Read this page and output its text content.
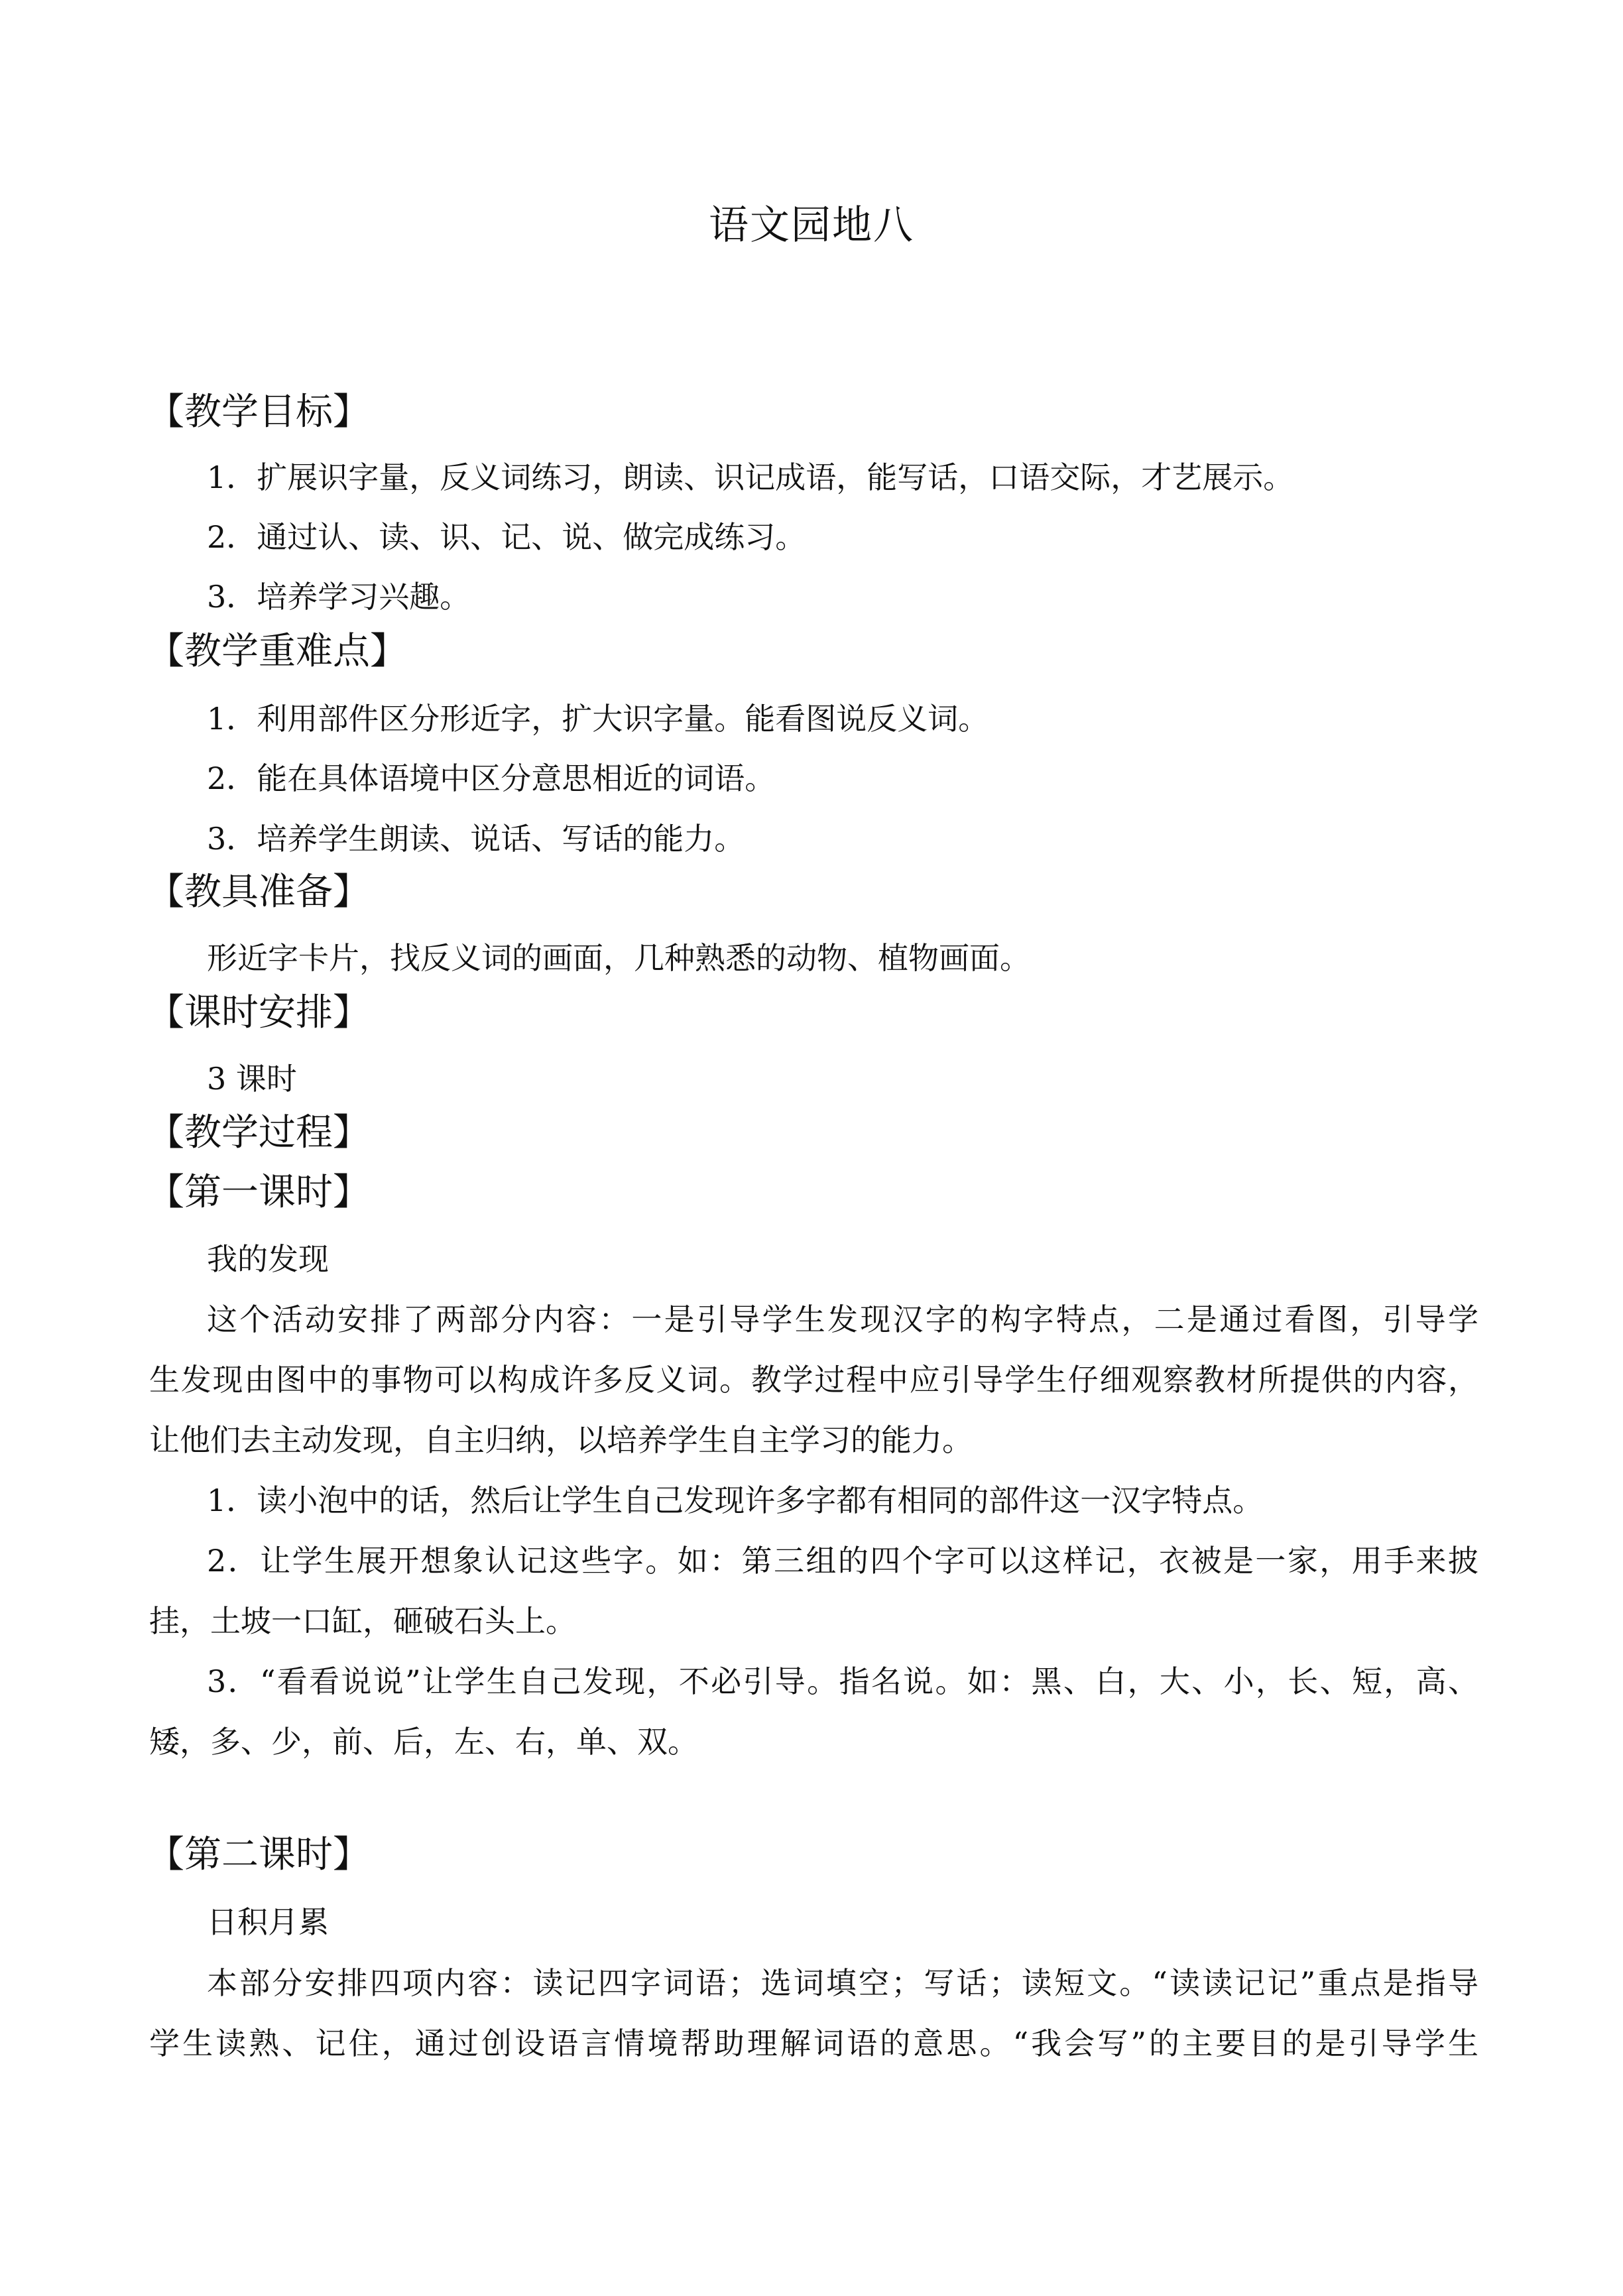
语文园地八
【教学目标】
1．扩展识字量，反义词练习，朗读、识记成语，能写话，口语交际，才艺展示。
2．通过认、读、识、记、说、做完成练习。
3．培养学习兴趣。
【教学重难点】
1．利用部件区分形近字，扩大识字量。能看图说反义词。
2．能在具体语境中区分意思相近的词语。
3．培养学生朗读、说话、写话的能力。
【教具准备】
形近字卡片，找反义词的画面，几种熟悉的动物、植物画面。
【课时安排】
3 课时
【教学过程】
【第一课时】
我的发现
这个活动安排了两部分内容：一是引导学生发现汉字的构字特点，二是通过看图，引导学
生发现由图中的事物可以构成许多反义词。教学过程中应引导学生仔细观察教材所提供的内容，
让他们去主动发现，自主归纳，以培养学生自主学习的能力。
1．读小泡中的话，然后让学生自己发现许多字都有相同的部件这一汉字特点。
2．让学生展开想象认记这些字。如：第三组的四个字可以这样记，衣被是一家，用手来披
挂，土坡一口缸，砸破石头上。
3．“看看说说”让学生自己发现，不必引导。指名说。如：黑、白，大、小，长、短，高、
矮，多、少，前、后，左、右，单、双。
【第二课时】
日积月累
本部分安排四项内容：读记四字词语；选词填空；写话；读短文。“读读记记”重点是指导
学生读熟、记住，通过创设语言情境帮助理解词语的意思。“我会写”的主要目的是引导学生
